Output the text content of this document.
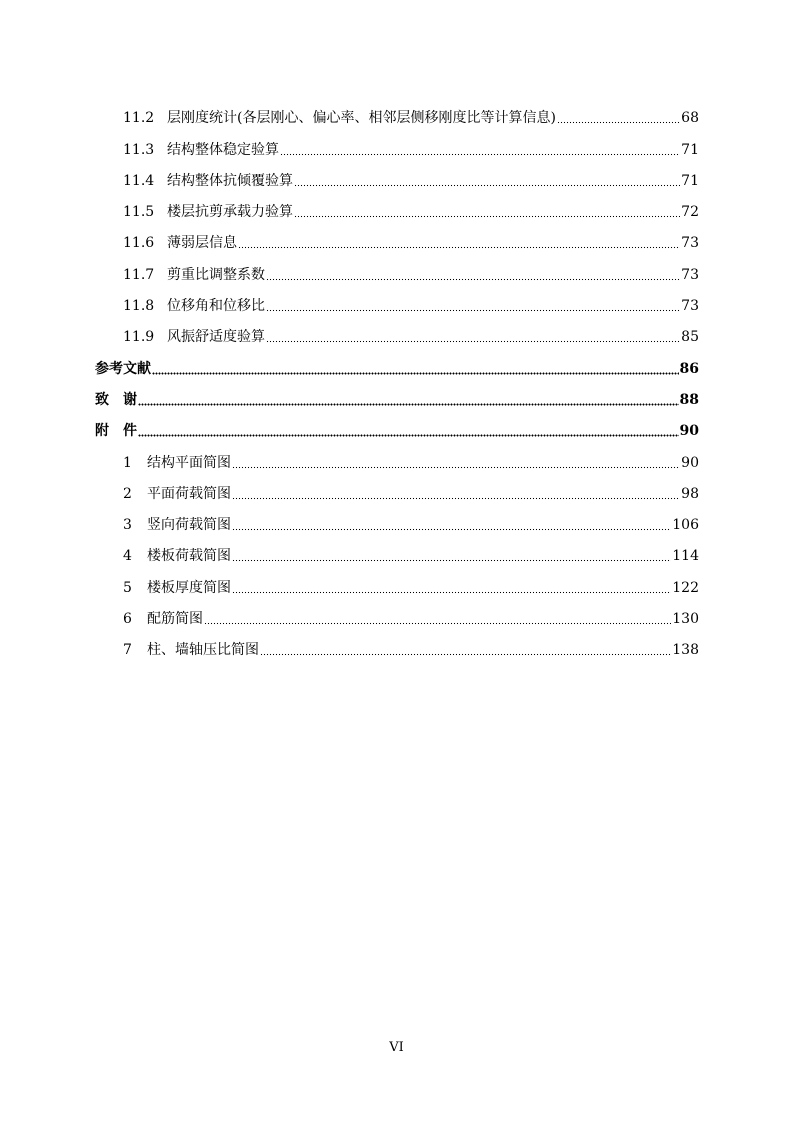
11.2 层刚度统计(各层刚心、偏心率、相邻层侧移刚度比等计算信息)	68
11.3 结构整体稳定验算	71
11.4 结构整体抗倾覆验算	71
11.5 楼层抗剪承载力验算	72
11.6 薄弱层信息	73
11.7 剪重比调整系数	73
11.8 位移角和位移比	73
11.9 风振舒适度验算	85
参考文献	86
致 谢	88
附 件	90
1	结构平面简图	90
2	平面荷载简图	98
3	竖向荷载简图	106
4	楼板荷载简图	114
5	楼板厚度简图	122
6	配筋简图	130
7	柱、墙轴压比简图	138
VI
